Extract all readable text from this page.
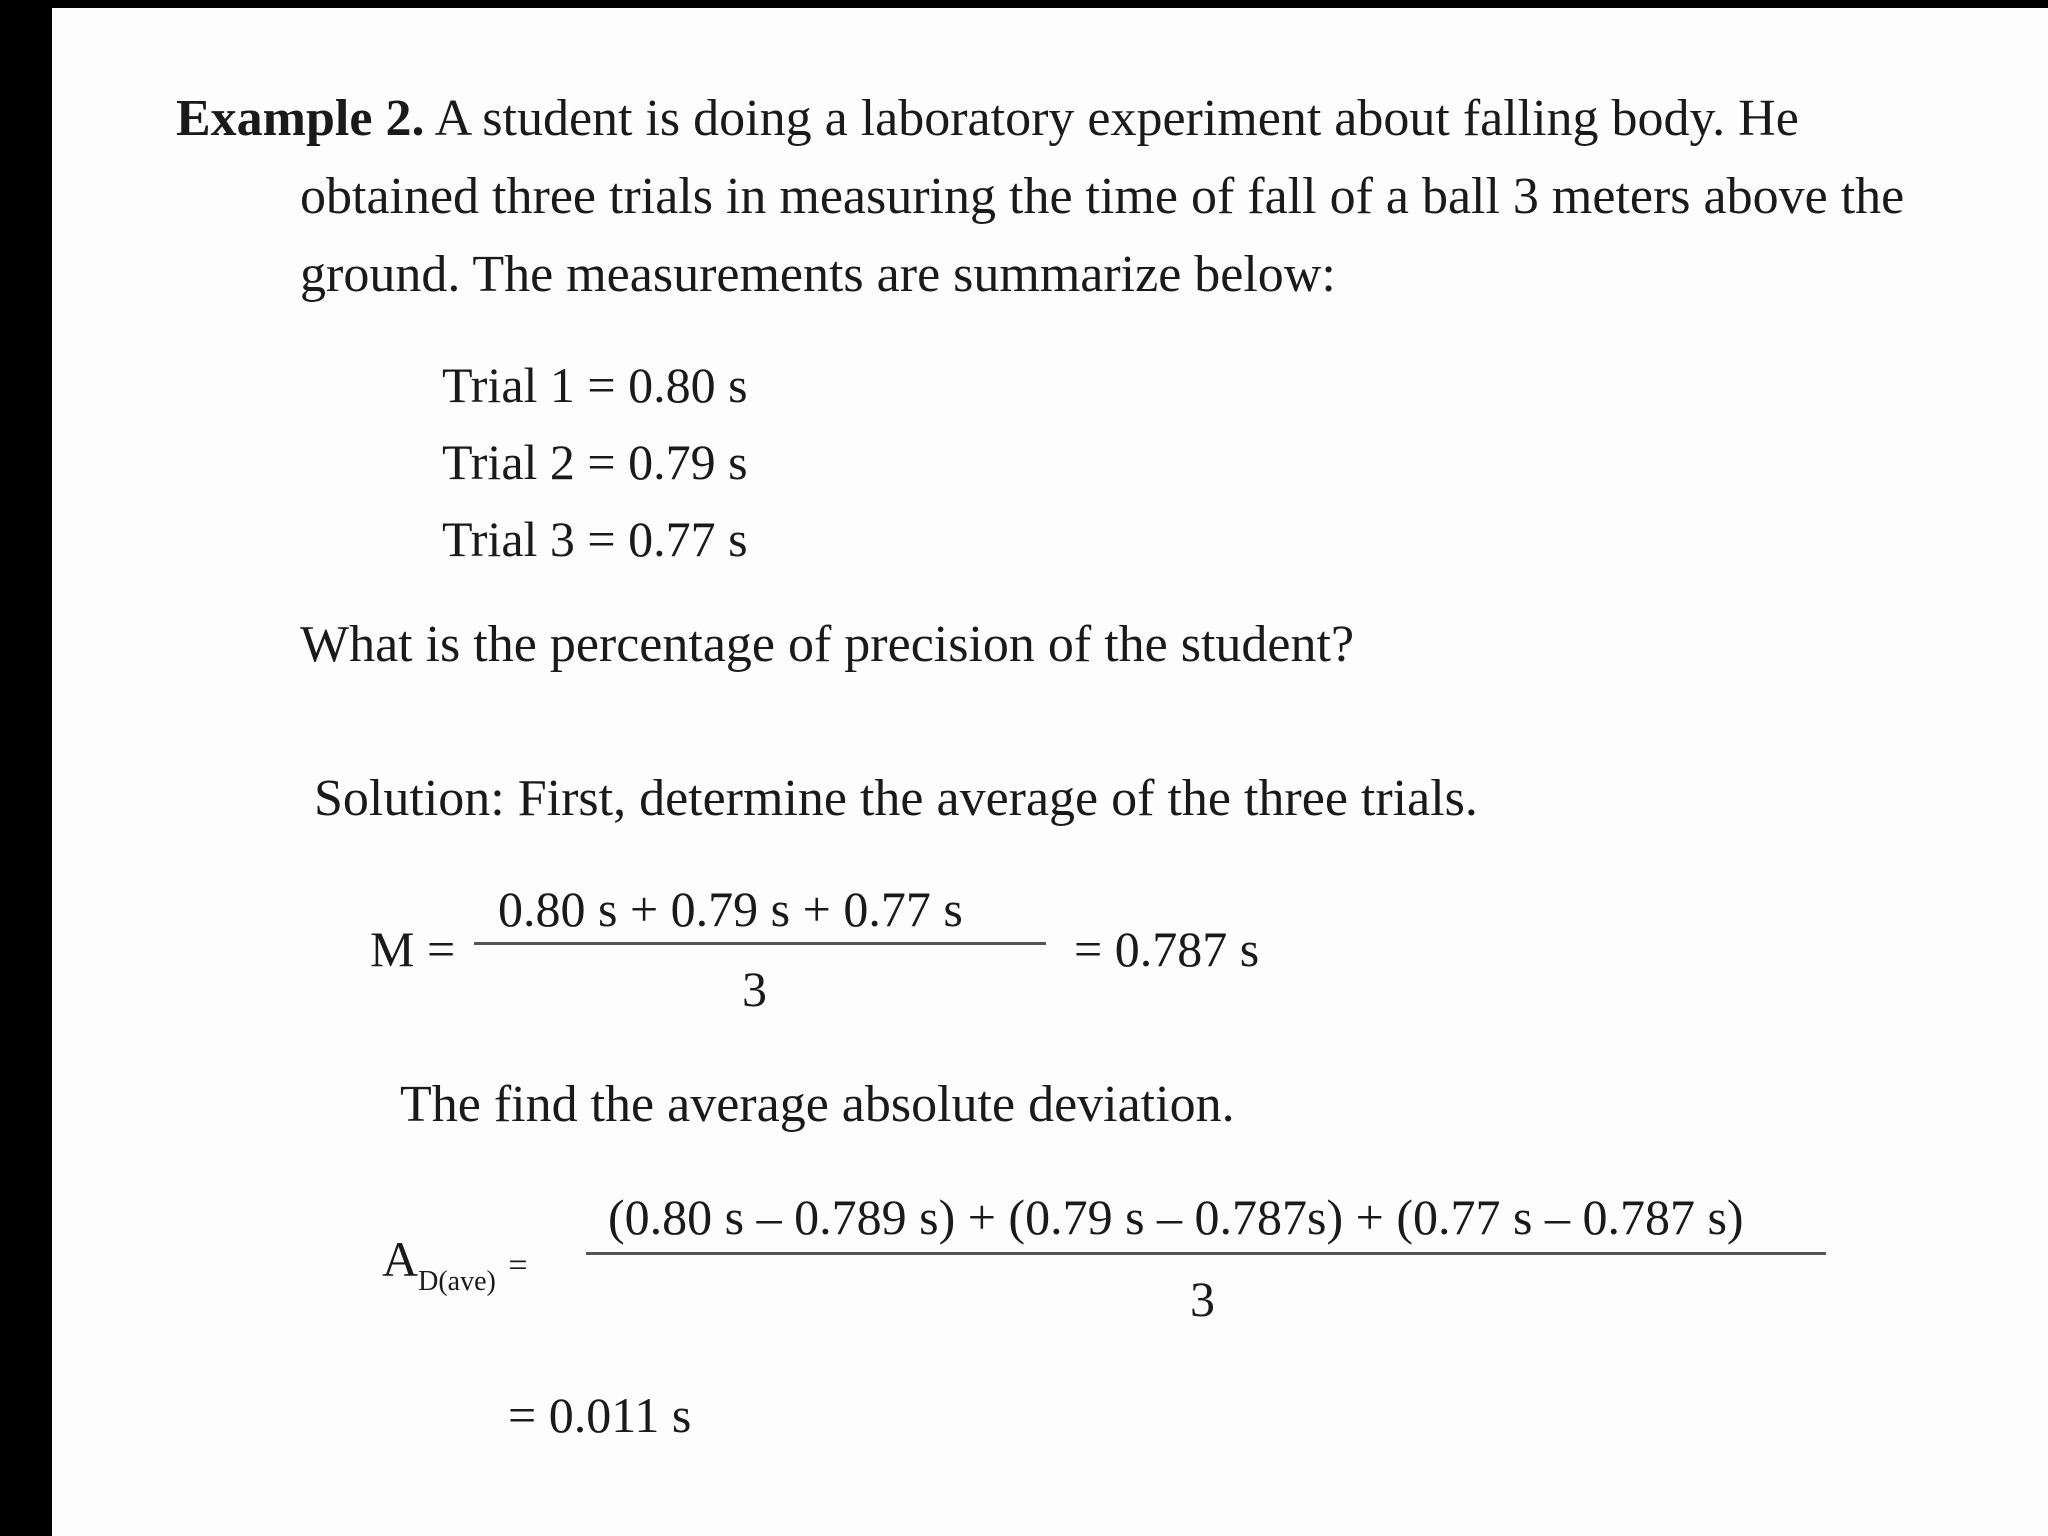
Example 2. A student is doing a laboratory experiment about falling body. He
obtained three trials in measuring the time of fall of a ball 3 meters above the
ground. The measurements are summarize below:
Trial 1 = 0.80 s
Trial 2 = 0.79 s
Trial 3 = 0.77 s
What is the percentage of precision of the student?
Solution: First, determine the average of the three trials.
M =
0.80 s + 0.79 s + 0.77 s
3
= 0.787 s
The find the average absolute deviation.
$A_{D(ave)}$ =
(0.80 s – 0.789 s) + (0.79 s – 0.787s) + (0.77 s – 0.787 s)
3
= 0.011 s
